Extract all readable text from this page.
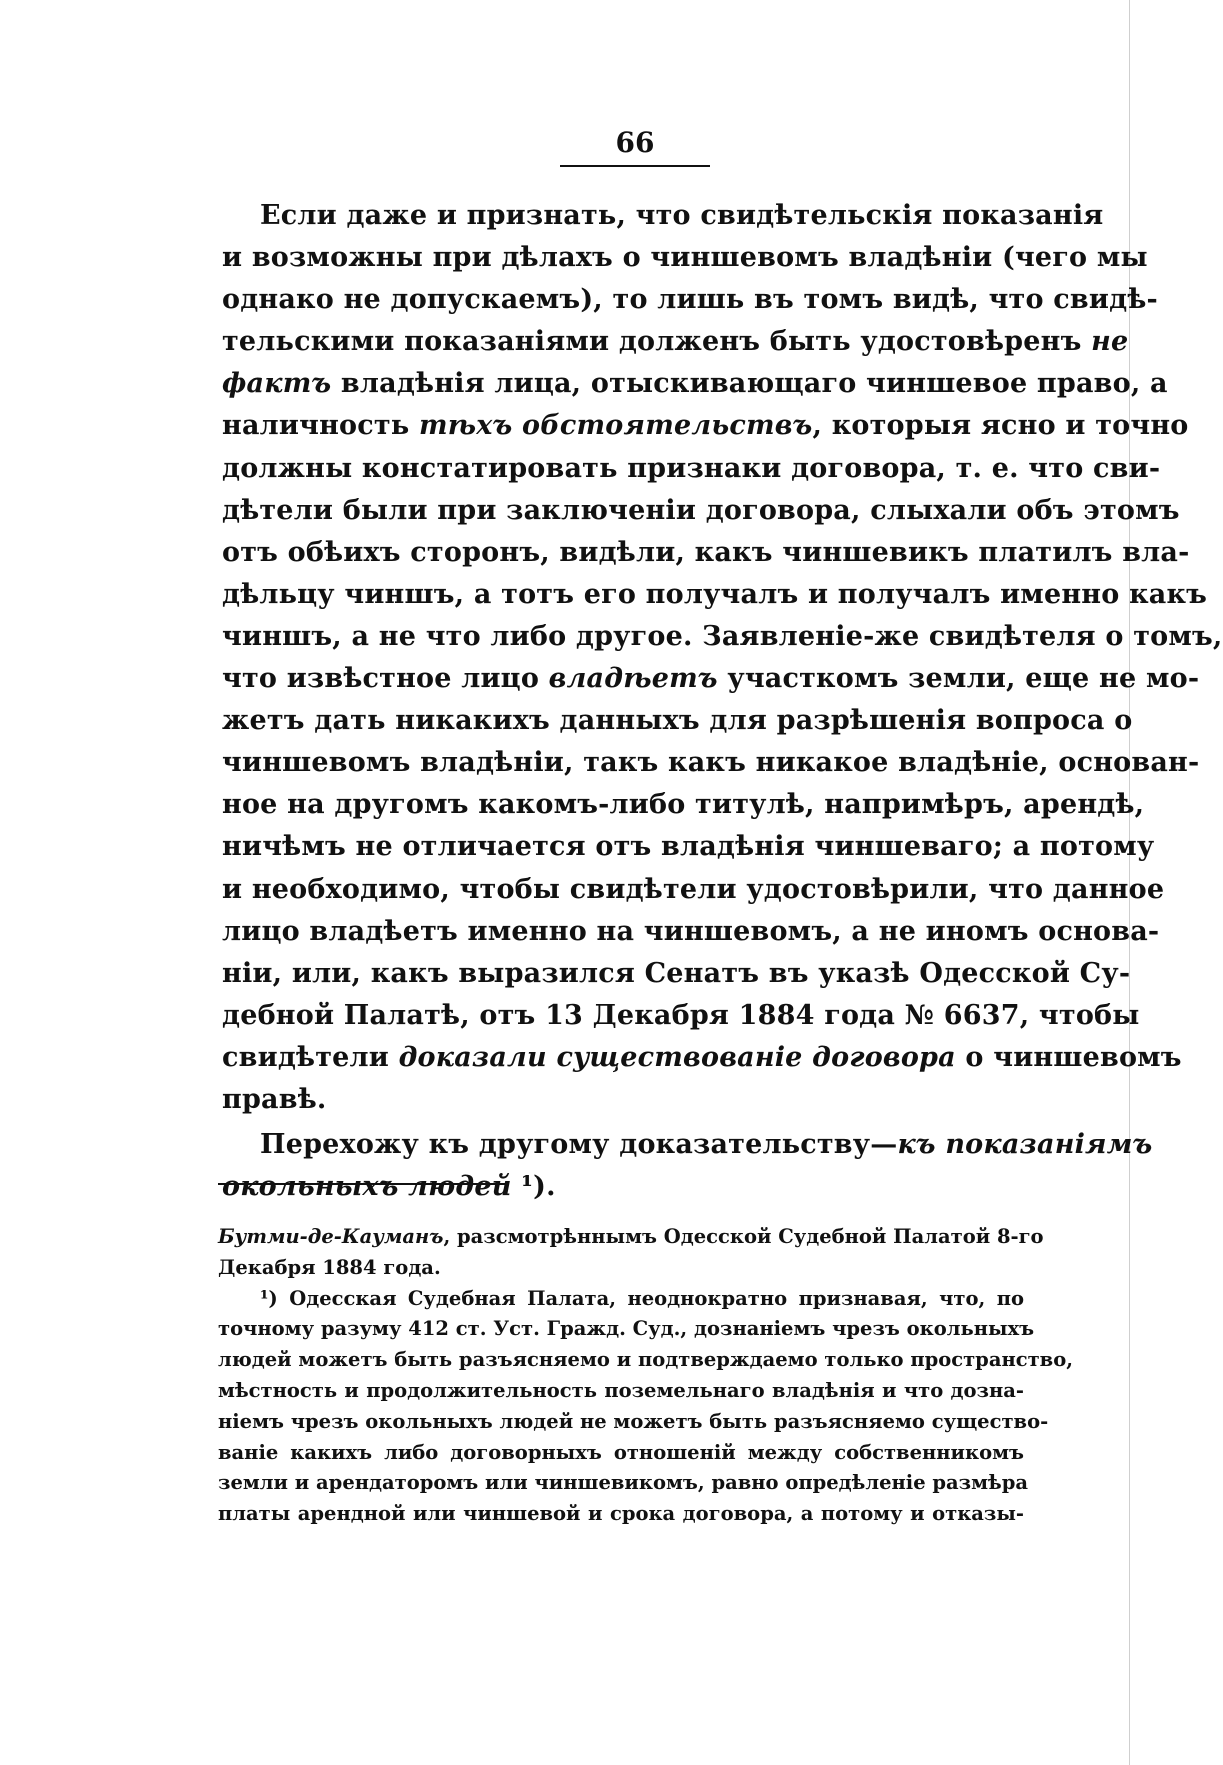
66
Если даже и признать, что свидѣтельскія показанія
и возможны при дѣлахъ о чиншевомъ владѣніи (чего мы
однако не допускаемъ), то лишь въ томъ видѣ, что свидѣ-
тельскими показаніями долженъ быть удостовѣренъ не
фактъ владѣнія лица, отыскивающаго чиншевое право, а
наличность тѣхъ обстоятельствъ, которыя ясно и точно
должны констатировать признаки договора, т. е. что сви-
дѣтели были при заключеніи договора, слыхали объ этомъ
отъ обѣихъ сторонъ, видѣли, какъ чиншевикъ платилъ вла-
дѣльцу чиншъ, а тотъ его получалъ и получалъ именно какъ
чиншъ, а не что либо другое. Заявленіе-же свидѣтеля о томъ,
что извѣстное лицо владѣетъ участкомъ земли, еще не мо-
жетъ дать никакихъ данныхъ для разрѣшенія вопроса о
чиншевомъ владѣніи, такъ какъ никакое владѣніе, основан-
ное на другомъ какомъ-либо титулѣ, напримѣръ, арендѣ,
ничѣмъ не отличается отъ владѣнія чиншеваго; а потому
и необходимо, чтобы свидѣтели удостовѣрили, что данное
лицо владѣетъ именно на чиншевомъ, а не иномъ основа-
ніи, или, какъ выразился Сенатъ въ указѣ Одесской Су-
дебной Палатѣ, отъ 13 Декабря 1884 года № 6637, чтобы
свидѣтели доказали существованіе договора о чиншевомъ
правѣ.
Перехожу къ другому доказательству—къ показаніямъ
окольныхъ людей ¹).
Бутми-де-Кауманъ, разсмотрѣннымъ Одесской Судебной Палатой 8-го
Декабря 1884 года.
¹) Одесская Судебная Палата, неоднократно признавая, что, по
точному разуму 412 ст. Уст. Гражд. Суд., дознаніемъ чрезъ окольныхъ
людей можетъ быть разъясняемо и подтверждаемо только пространство,
мѣстность и продолжительность поземельнаго владѣнія и что дозна-
ніемъ чрезъ окольныхъ людей не можетъ быть разъясняемо существо-
ваніе какихъ либо договорныхъ отношеній между собственникомъ
земли и арендаторомъ или чиншевикомъ, равно опредѣленіе размѣра
платы арендной или чиншевой и срока договора, а потому и отказы-
